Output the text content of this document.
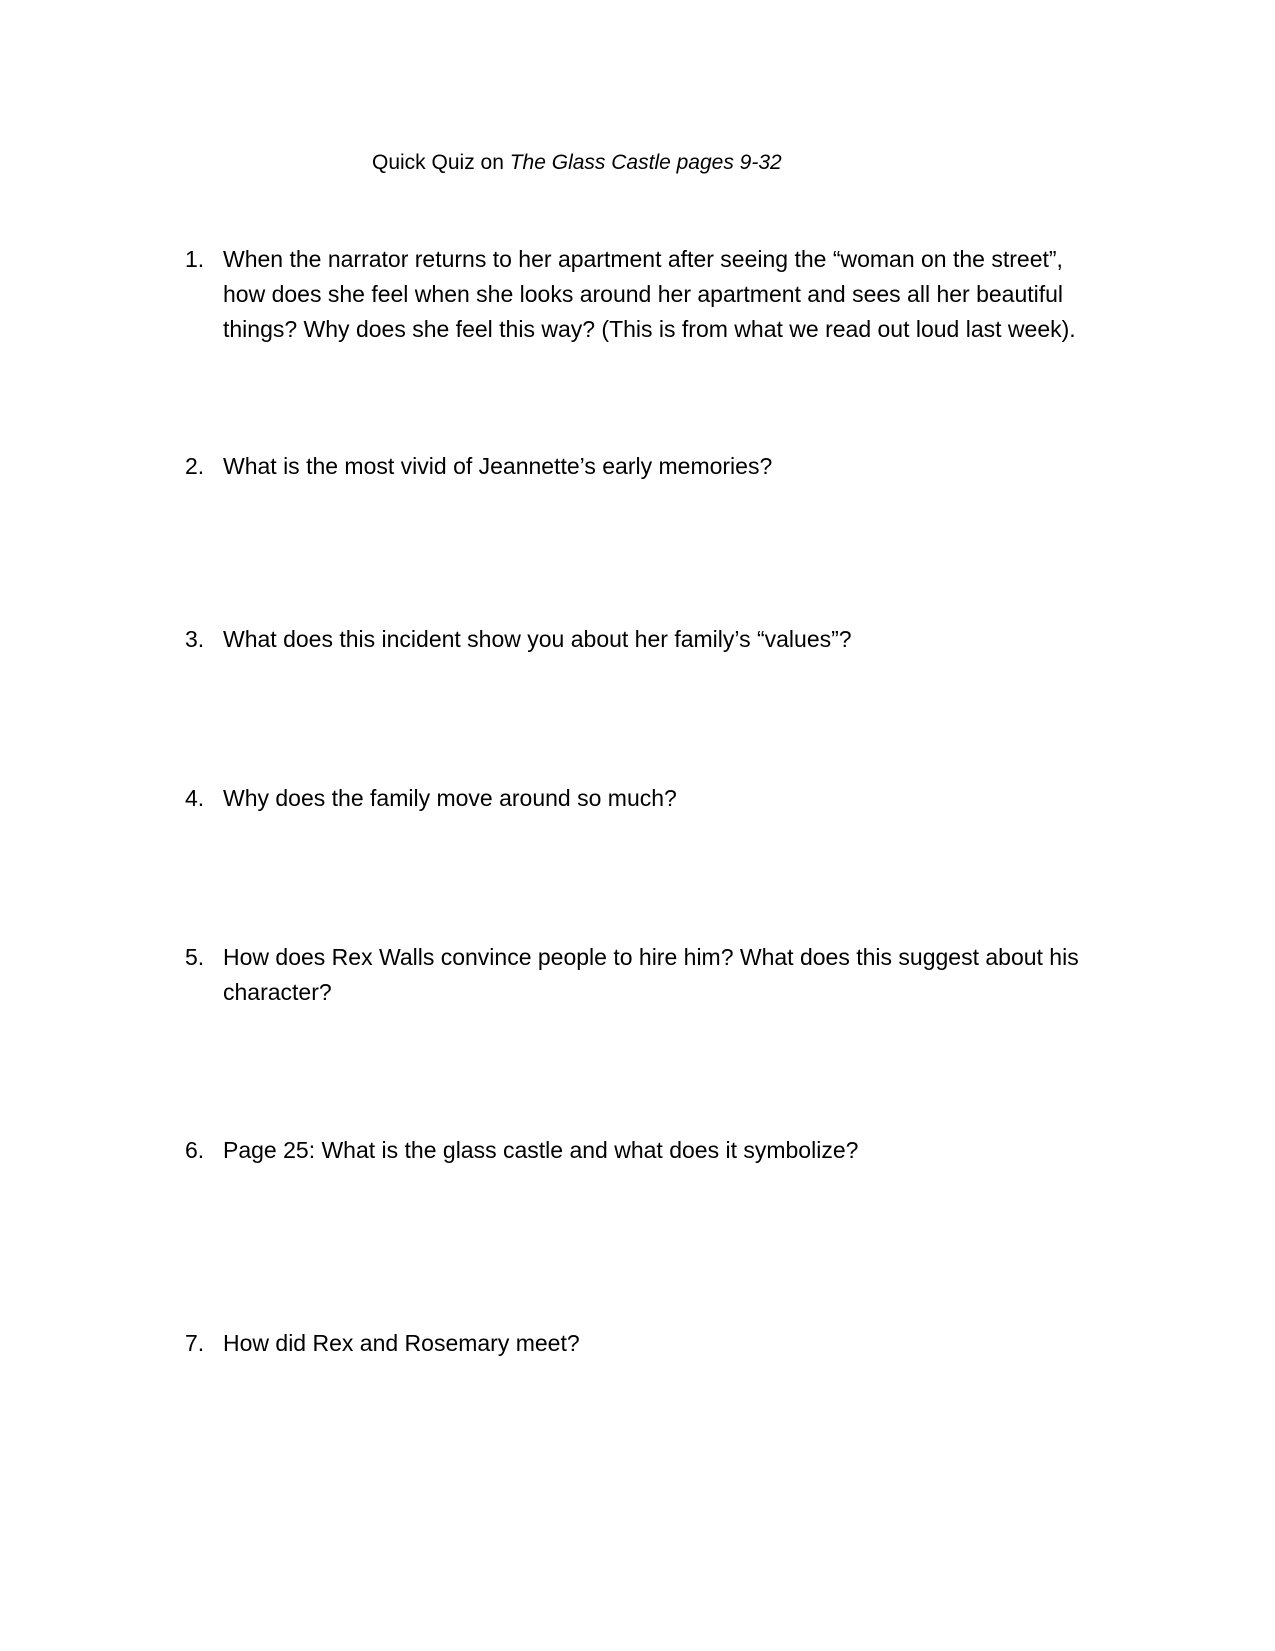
Quick Quiz on The Glass Castle pages 9-32
1. When the narrator returns to her apartment after seeing the “woman on the street”,
how does she feel when she looks around her apartment and sees all her beautiful
things? Why does she feel this way? (This is from what we read out loud last week).
2. What is the most vivid of Jeannette’s early memories?
3. What does this incident show you about her family’s “values”?
4. Why does the family move around so much?
5. How does Rex Walls convince people to hire him? What does this suggest about his
character?
6. Page 25: What is the glass castle and what does it symbolize?
7. How did Rex and Rosemary meet?
